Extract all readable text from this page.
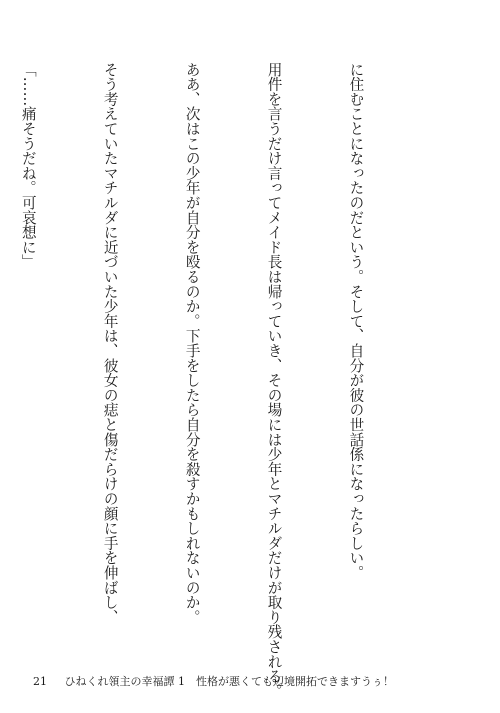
に住むことになったのだという。そして、自分が彼の世話係になったらしい。

用件を言うだけ言ってメイド長は帰っていき、その場には少年とマチルダだけが取り残される。

ああ、次はこの少年が自分を殴るのか。下手をしたら自分を殺すかもしれないのか。

そう考えていたマチルダに近づいた少年は、彼女の痣と傷だらけの顔に手を伸ばし、

「……痛そうだね。可哀想に」

21 ひねくれ領主の幸福譚 1　性格が悪くても辺境開拓できますうぅ！
